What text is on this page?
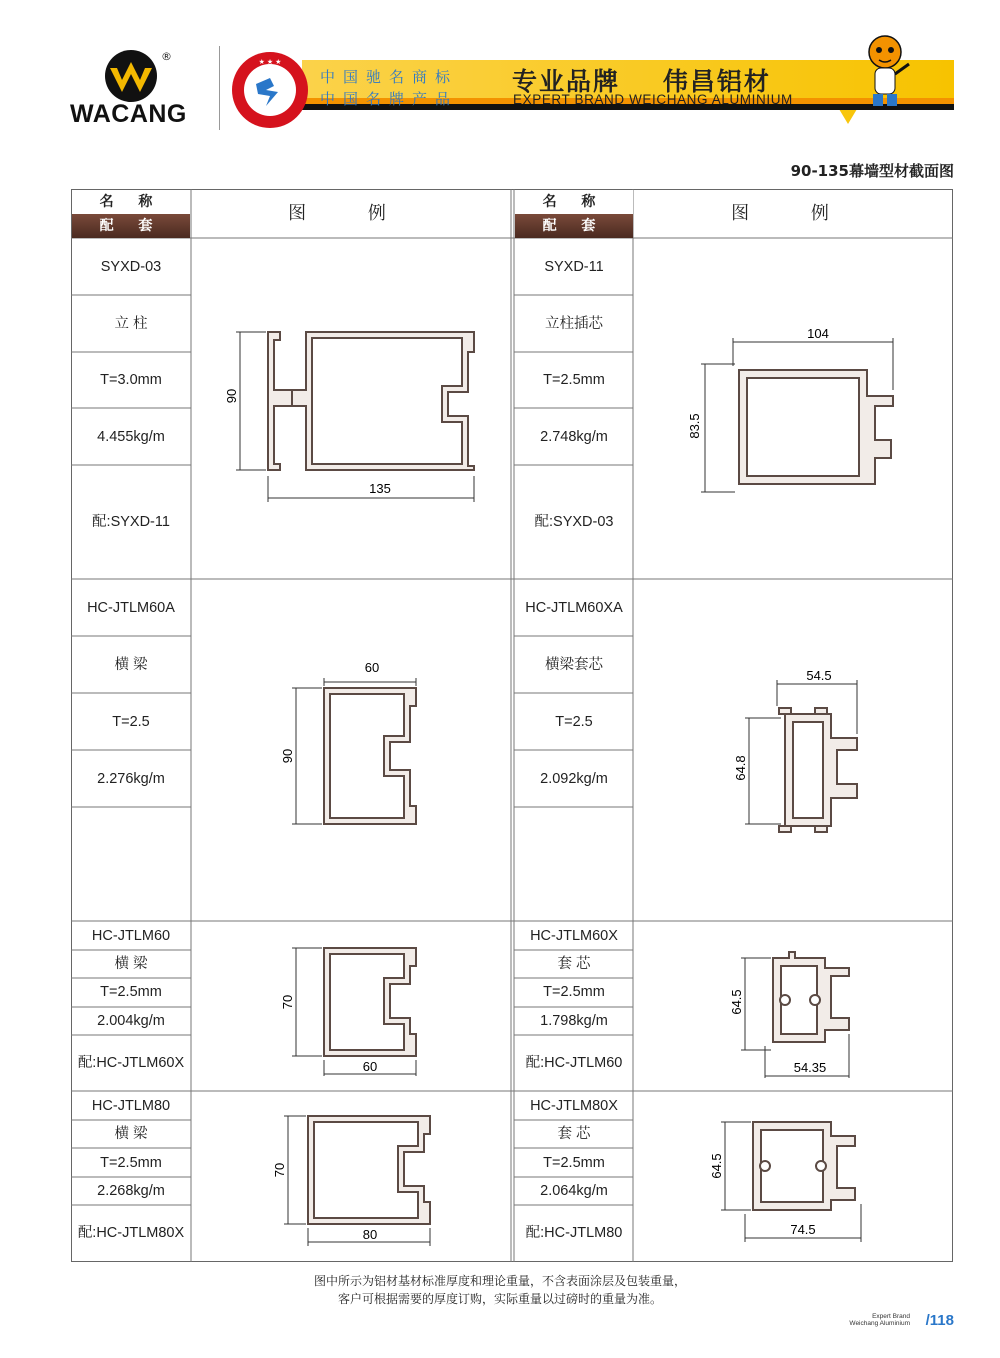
®
WACANG
★ ★ ★
中国驰名商标
中国名牌产品
专业品牌    伟昌铝材
EXPERT BRAND WEICHANG ALUMINIUM
90-135幕墙型材截面图
名 称
配 套
图 例
名 称
配 套
图 例
SYXD-03
立 柱
T=3.0mm
4.455kg/m
配:SYXD-11
SYXD-11
立柱插芯
T=2.5mm
2.748kg/m
配:SYXD-03
HC-JTLM60A
横 梁
T=2.5
2.276kg/m
HC-JTLM60XA
横梁套芯
T=2.5
2.092kg/m
HC-JTLM60
横 梁
T=2.5mm
2.004kg/m
配:HC-JTLM60X
HC-JTLM60X
套 芯
T=2.5mm
1.798kg/m
配:HC-JTLM60
HC-JTLM80
横 梁
T=2.5mm
2.268kg/m
配:HC-JTLM80X
HC-JTLM80X
套 芯
T=2.5mm
2.064kg/m
配:HC-JTLM80
90
135
104
83.5
60
90
54.5
64.8
70
60
64.5
54.35
70
80
64.5
74.5
图中所示为铝材基材标准厚度和理论重量，不含表面涂层及包装重量，
客户可根据需要的厚度订购，实际重量以过磅时的重量为准。
Expert Brand
Weichang Aluminium /118
